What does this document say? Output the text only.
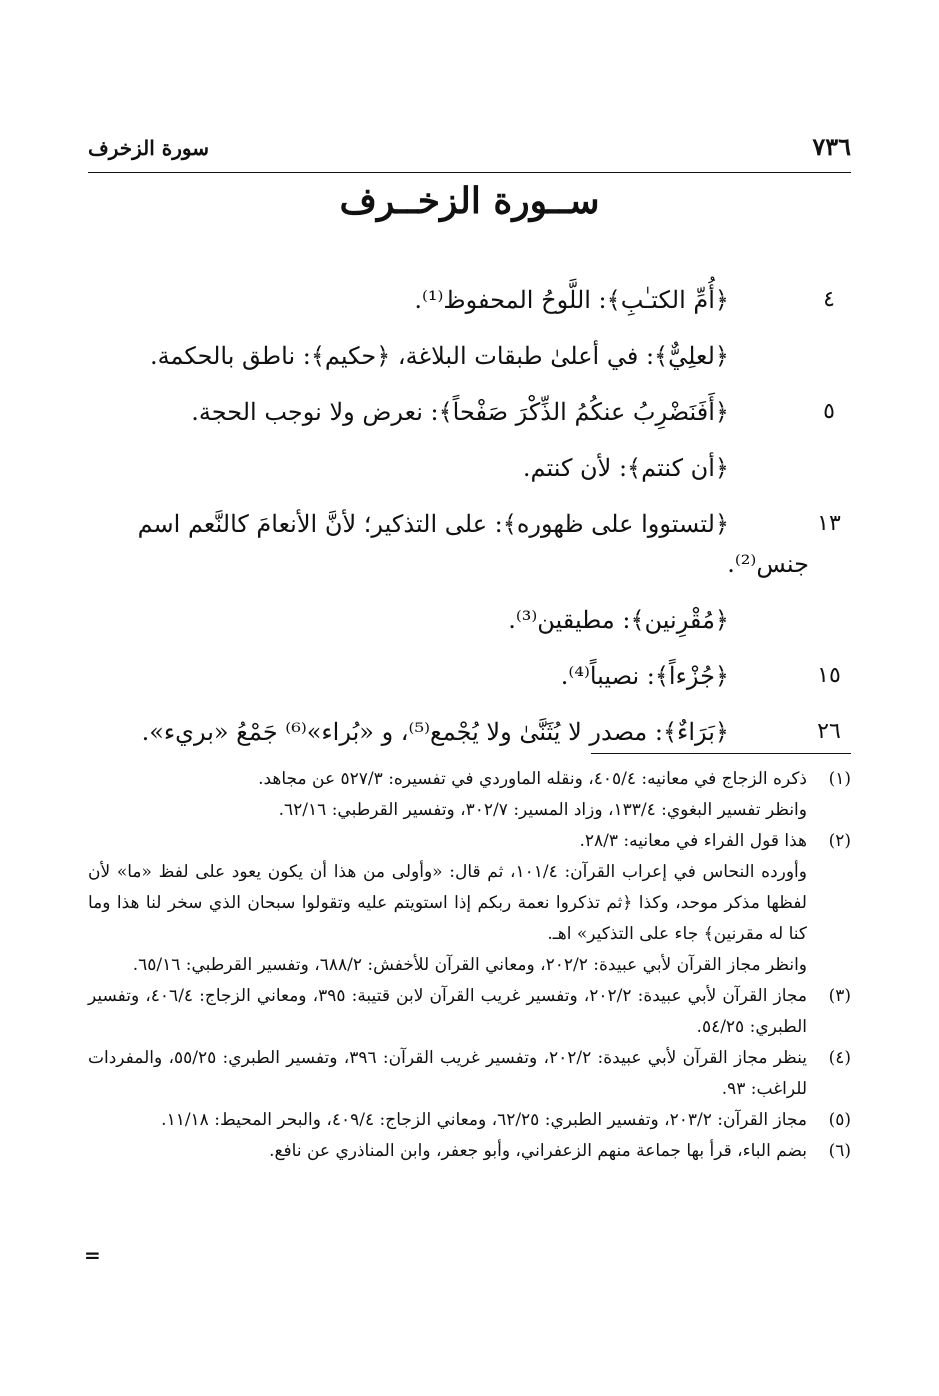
٧٣٦
سورة الزخرف
ســورة الزخــرف
٤
﴿أُمِّ الكتـٰبِ﴾: اللَّوحُ المحفوظ⁽¹⁾.
﴿لعلِيٌّ﴾: في أعلىٰ طبقات البلاغة، ﴿حكيم﴾: ناطق بالحكمة.
٥
﴿أَفَنَضْرِبُ عنكُمُ الذِّكْرَ صَفْحاً﴾: نعرض ولا نوجب الحجة.
﴿أن كنتم﴾: لأن كنتم.
١٣
﴿لتستووا على ظهوره﴾: على التذكير؛ لأنَّ الأنعامَ كالنَّعم اسم
جنس⁽²⁾.
﴿مُقْرِنين﴾: مطيقين⁽³⁾.
١٥
﴿جُزْءاً﴾: نصيباً⁽⁴⁾.
٢٦
﴿بَرَاءٌ﴾: مصدر لا يُثَنَّىٰ ولا يُجْمع⁽⁵⁾، و «بُراء»⁽⁶⁾ جَمْعُ «بريء».
(١)

ذكره الزجاج في معانيه: ٤٠٥/٤، ونقله الماوردي في تفسيره: ٥٢٧/٣ عن مجاهد.

وانظر تفسير البغوي: ١٣٣/٤، وزاد المسير: ٣٠٢/٧، وتفسير القرطبي: ٦٢/١٦.

(٢)

هذا قول الفراء في معانيه: ٢٨/٣.

وأورده النحاس في إعراب القرآن: ١٠١/٤، ثم قال: «وأولى من هذا أن يكون يعود على لفظ «ما» لأن لفظها مذكر موحد، وكذا ﴿ثم تذكروا نعمة ربكم إذا استويتم عليه وتقولوا سبحان الذي سخر لنا هذا وما كنا له مقرنين﴾ جاء على التذكير» اهـ.

وانظر مجاز القرآن لأبي عبيدة: ٢٠٢/٢، ومعاني القرآن للأخفش: ٦٨٨/٢، وتفسير القرطبي: ٦٥/١٦.

(٣)

مجاز القرآن لأبي عبيدة: ٢٠٢/٢، وتفسير غريب القرآن لابن قتيبة: ٣٩٥، ومعاني الزجاج: ٤٠٦/٤، وتفسير الطبري: ٥٤/٢٥.

(٤)

ينظر مجاز القرآن لأبي عبيدة: ٢٠٢/٢، وتفسير غريب القرآن: ٣٩٦، وتفسير الطبري: ٥٥/٢٥، والمفردات للراغب: ٩٣.

(٥)

مجاز القرآن: ٢٠٣/٢، وتفسير الطبري: ٦٢/٢٥، ومعاني الزجاج: ٤٠٩/٤، والبحر المحيط: ١١/١٨.

(٦)

بضم الباء، قرأ بها جماعة منهم الزعفراني، وأبو جعفر، وابن المناذري عن نافع.

=
